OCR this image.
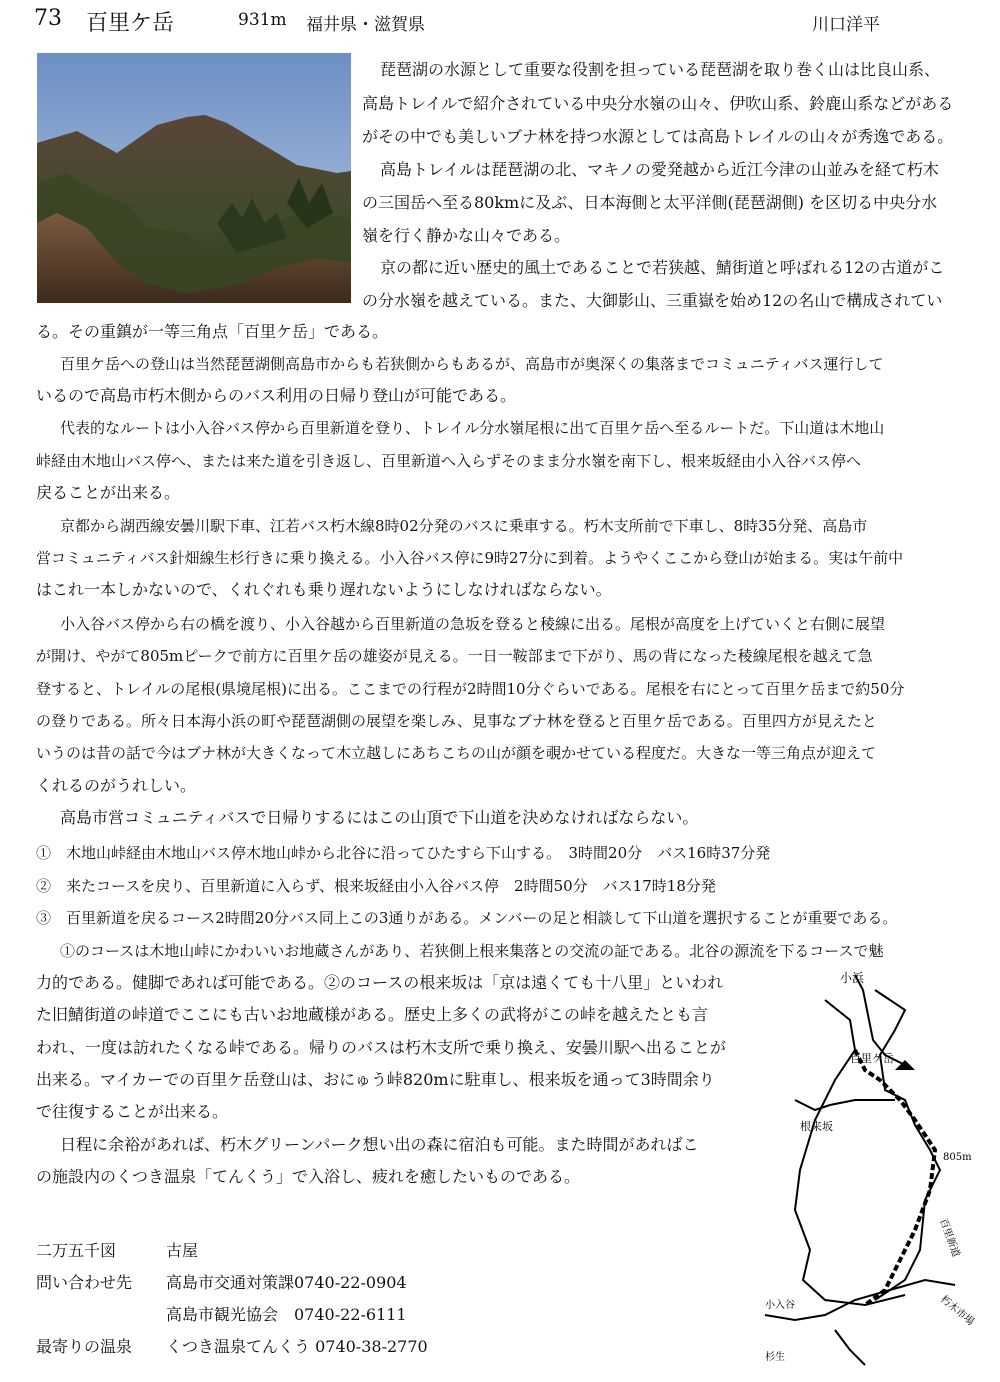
73 百里ケ岳	931m 福井県・滋賀県	川口洋平
琵琶湖の水源として重要な役割を担っている琵琶湖を取り巻く山は比良山系、
高島トレイルで紹介されている中央分水嶺の山々、伊吹山系、鈴鹿山系などがある
がその中でも美しいブナ林を持つ水源としては高島トレイルの山々が秀逸である。
高島トレイルは琵琶湖の北、マキノの愛発越から近江今津の山並みを経て朽木
の三国岳へ至る80kmに及ぶ、日本海側と太平洋側(琵琶湖側) を区切る中央分水
嶺を行く静かな山々である。
京の都に近い歴史的風土であることで若狭越、鯖街道と呼ばれる12の古道がこ
の分水嶺を越えている。また、大御影山、三重嶽を始め12の名山で構成されてい
る。その重鎮が一等三角点「百里ケ岳」である。
百里ケ岳への登山は当然琵琶湖側高島市からも若狭側からもあるが、高島市が奥深くの集落までコミュニティバス運行して
いるので高島市朽木側からのバス利用の日帰り登山が可能である。
代表的なルートは小入谷バス停から百里新道を登り、トレイル分水嶺尾根に出て百里ケ岳へ至るルートだ。下山道は木地山
峠経由木地山バス停へ、または来た道を引き返し、百里新道へ入らずそのまま分水嶺を南下し、根来坂経由小入谷バス停へ
戻ることが出来る。
京都から湖西線安曇川駅下車、江若バス朽木線8時02分発のバスに乗車する。朽木支所前で下車し、8時35分発、高島市
営コミュニティバス針畑線生杉行きに乗り換える。小入谷バス停に9時27分に到着。ようやくここから登山が始まる。実は午前中
はこれ一本しかないので、くれぐれも乗り遅れないようにしなければならない。
小入谷バス停から右の橋を渡り、小入谷越から百里新道の急坂を登ると稜線に出る。尾根が高度を上げていくと右側に展望
が開け、やがて805mピークで前方に百里ケ岳の雄姿が見える。一日一鞍部まで下がり、馬の背になった稜線尾根を越えて急
登すると、トレイルの尾根(県境尾根)に出る。ここまでの行程が2時間10分ぐらいである。尾根を右にとって百里ケ岳まで約50分
の登りである。所々日本海小浜の町や琵琶湖側の展望を楽しみ、見事なブナ林を登ると百里ケ岳である。百里四方が見えたと
いうのは昔の話で今はブナ林が大きくなって木立越しにあちこちの山が顔を覗かせている程度だ。大きな一等三角点が迎えて
くれるのがうれしい。
高島市営コミュニティバスで日帰りするにはこの山頂で下山道を決めなければならない。
①　木地山峠経由木地山バス停木地山峠から北谷に沿ってひたすら下山する。　3時間20分　バス16時37分発
②　来たコースを戻り、百里新道に入らず、根来坂経由小入谷バス停　2時間50分　バス17時18分発
③　百里新道を戻るコース2時間20分バス同上この3通りがある。メンバーの足と相談して下山道を選択することが重要である。
①のコースは木地山峠にかわいいお地蔵さんがあり、若狭側上根来集落との交流の証である。北谷の源流を下るコースで魅
力的である。健脚であれば可能である。②のコースの根来坂は「京は遠くても十八里」といわれ
た旧鯖街道の峠道でここにも古いお地蔵様がある。歴史上多くの武将がこの峠を越えたとも言
われ、一度は訪れたくなる峠である。帰りのバスは朽木支所で乗り換え、安曇川駅へ出ることが
出来る。マイカーでの百里ケ岳登山は、おにゅう峠820mに駐車し、根来坂を通って3時間余り
で往復することが出来る。
日程に余裕があれば、朽木グリーンパーク想い出の森に宿泊も可能。また時間があればこ
の施設内のくつき温泉「てんくう」で入浴し、疲れを癒したいものである。
二万五千図	古屋
問い合わせ先 高島市交通対策課0740-22-0904
高島市観光協会　0740-22-6111
最寄りの温泉 くつき温泉てんくう 0740-38-2770
小浜
百里ケ岳
根来坂
805m
百里新道
小入谷	朽木市場
杉生
